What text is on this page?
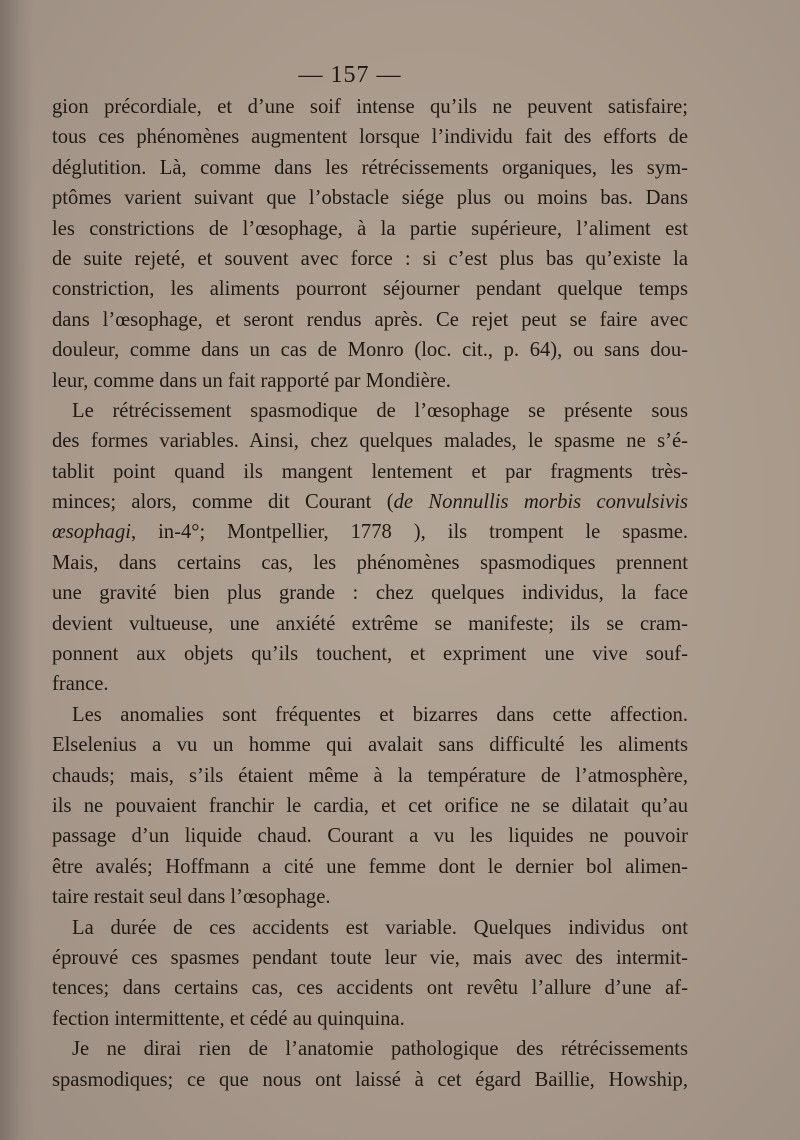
— 157 —
gion précordiale, et d’une soif intense qu’ils ne peuvent satisfaire;
tous ces phénomènes augmentent lorsque l’individu fait des efforts de
déglutition. Là, comme dans les rétrécissements organiques, les sym-
ptômes varient suivant que l’obstacle siége plus ou moins bas. Dans
les constrictions de l’œsophage, à la partie supérieure, l’aliment est
de suite rejeté, et souvent avec force : si c’est plus bas qu’existe la
constriction, les aliments pourront séjourner pendant quelque temps
dans l’œsophage, et seront rendus après. Ce rejet peut se faire avec
douleur, comme dans un cas de Monro (loc. cit., p. 64), ou sans dou-
leur, comme dans un fait rapporté par Mondière.
Le rétrécissement spasmodique de l’œsophage se présente sous
des formes variables. Ainsi, chez quelques malades, le spasme ne s’é-
tablit point quand ils mangent lentement et par fragments très-
minces; alors, comme dit Courant (de Nonnullis morbis convulsivis
œsophagi, in-4°; Montpellier, 1778 ), ils trompent le spasme.
Mais, dans certains cas, les phénomènes spasmodiques prennent
une gravité bien plus grande : chez quelques individus, la face
devient vultueuse, une anxiété extrême se manifeste; ils se cram-
ponnent aux objets qu’ils touchent, et expriment une vive souf-
france.
Les anomalies sont fréquentes et bizarres dans cette affection.
Elselenius a vu un homme qui avalait sans difficulté les aliments
chauds; mais, s’ils étaient même à la température de l’atmosphère,
ils ne pouvaient franchir le cardia, et cet orifice ne se dilatait qu’au
passage d’un liquide chaud. Courant a vu les liquides ne pouvoir
être avalés; Hoffmann a cité une femme dont le dernier bol alimen-
taire restait seul dans l’œsophage.
La durée de ces accidents est variable. Quelques individus ont
éprouvé ces spasmes pendant toute leur vie, mais avec des intermit-
tences; dans certains cas, ces accidents ont revêtu l’allure d’une af-
fection intermittente, et cédé au quinquina.
Je ne dirai rien de l’anatomie pathologique des rétrécissements
spasmodiques; ce que nous ont laissé à cet égard Baillie, Howship,
